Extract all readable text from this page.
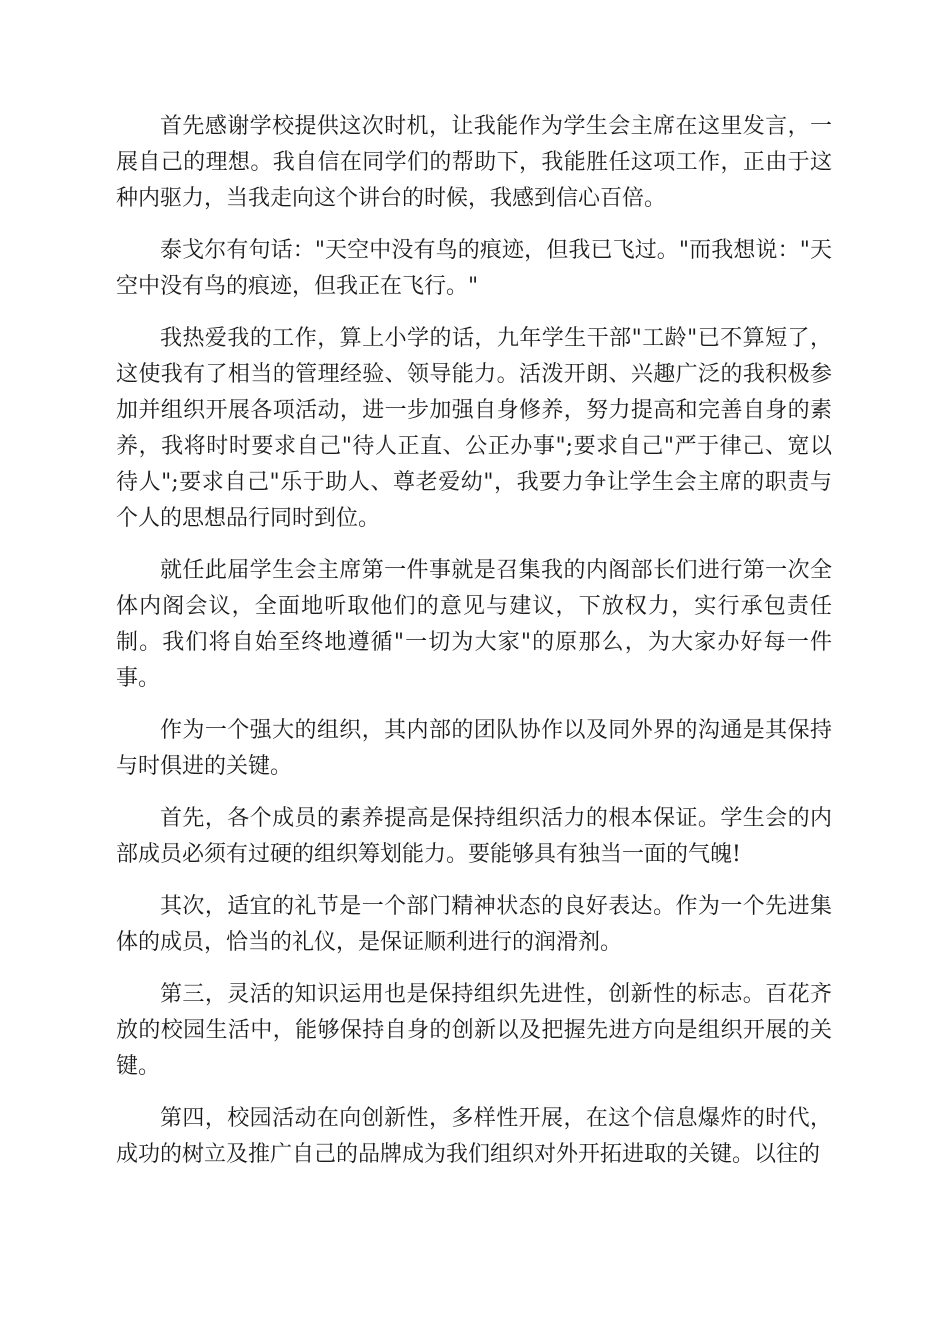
首先感谢学校提供这次时机，让我能作为学生会主席在这里发言，一展自己的理想。我自信在同学们的帮助下，我能胜任这项工作，正由于这种内驱力，当我走向这个讲台的时候，我感到信心百倍。

泰戈尔有句话："天空中没有鸟的痕迹，但我已飞过。"而我想说："天空中没有鸟的痕迹，但我正在飞行。"

我热爱我的工作，算上小学的话，九年学生干部"工龄"已不算短了，这使我有了相当的管理经验、领导能力。活泼开朗、兴趣广泛的我积极参加并组织开展各项活动，进一步加强自身修养，努力提高和完善自身的素养，我将时时要求自己"待人正直、公正办事";要求自己"严于律己、宽以待人";要求自己"乐于助人、尊老爱幼"，我要力争让学生会主席的职责与个人的思想品行同时到位。

就任此届学生会主席第一件事就是召集我的内阁部长们进行第一次全体内阁会议，全面地听取他们的意见与建议，下放权力，实行承包责任制。我们将自始至终地遵循"一切为大家"的原那么，为大家办好每一件事。

作为一个强大的组织，其内部的团队协作以及同外界的沟通是其保持与时俱进的关键。

首先，各个成员的素养提高是保持组织活力的根本保证。学生会的内部成员必须有过硬的组织筹划能力。要能够具有独当一面的气魄!

其次，适宜的礼节是一个部门精神状态的良好表达。作为一个先进集体的成员，恰当的礼仪，是保证顺利进行的润滑剂。

第三，灵活的知识运用也是保持组织先进性，创新性的标志。百花齐放的校园生活中，能够保持自身的创新以及把握先进方向是组织开展的关键。

第四，校园活动在向创新性，多样性开展，在这个信息爆炸的时代，成功的树立及推广自己的品牌成为我们组织对外开拓进取的关键。以往的
